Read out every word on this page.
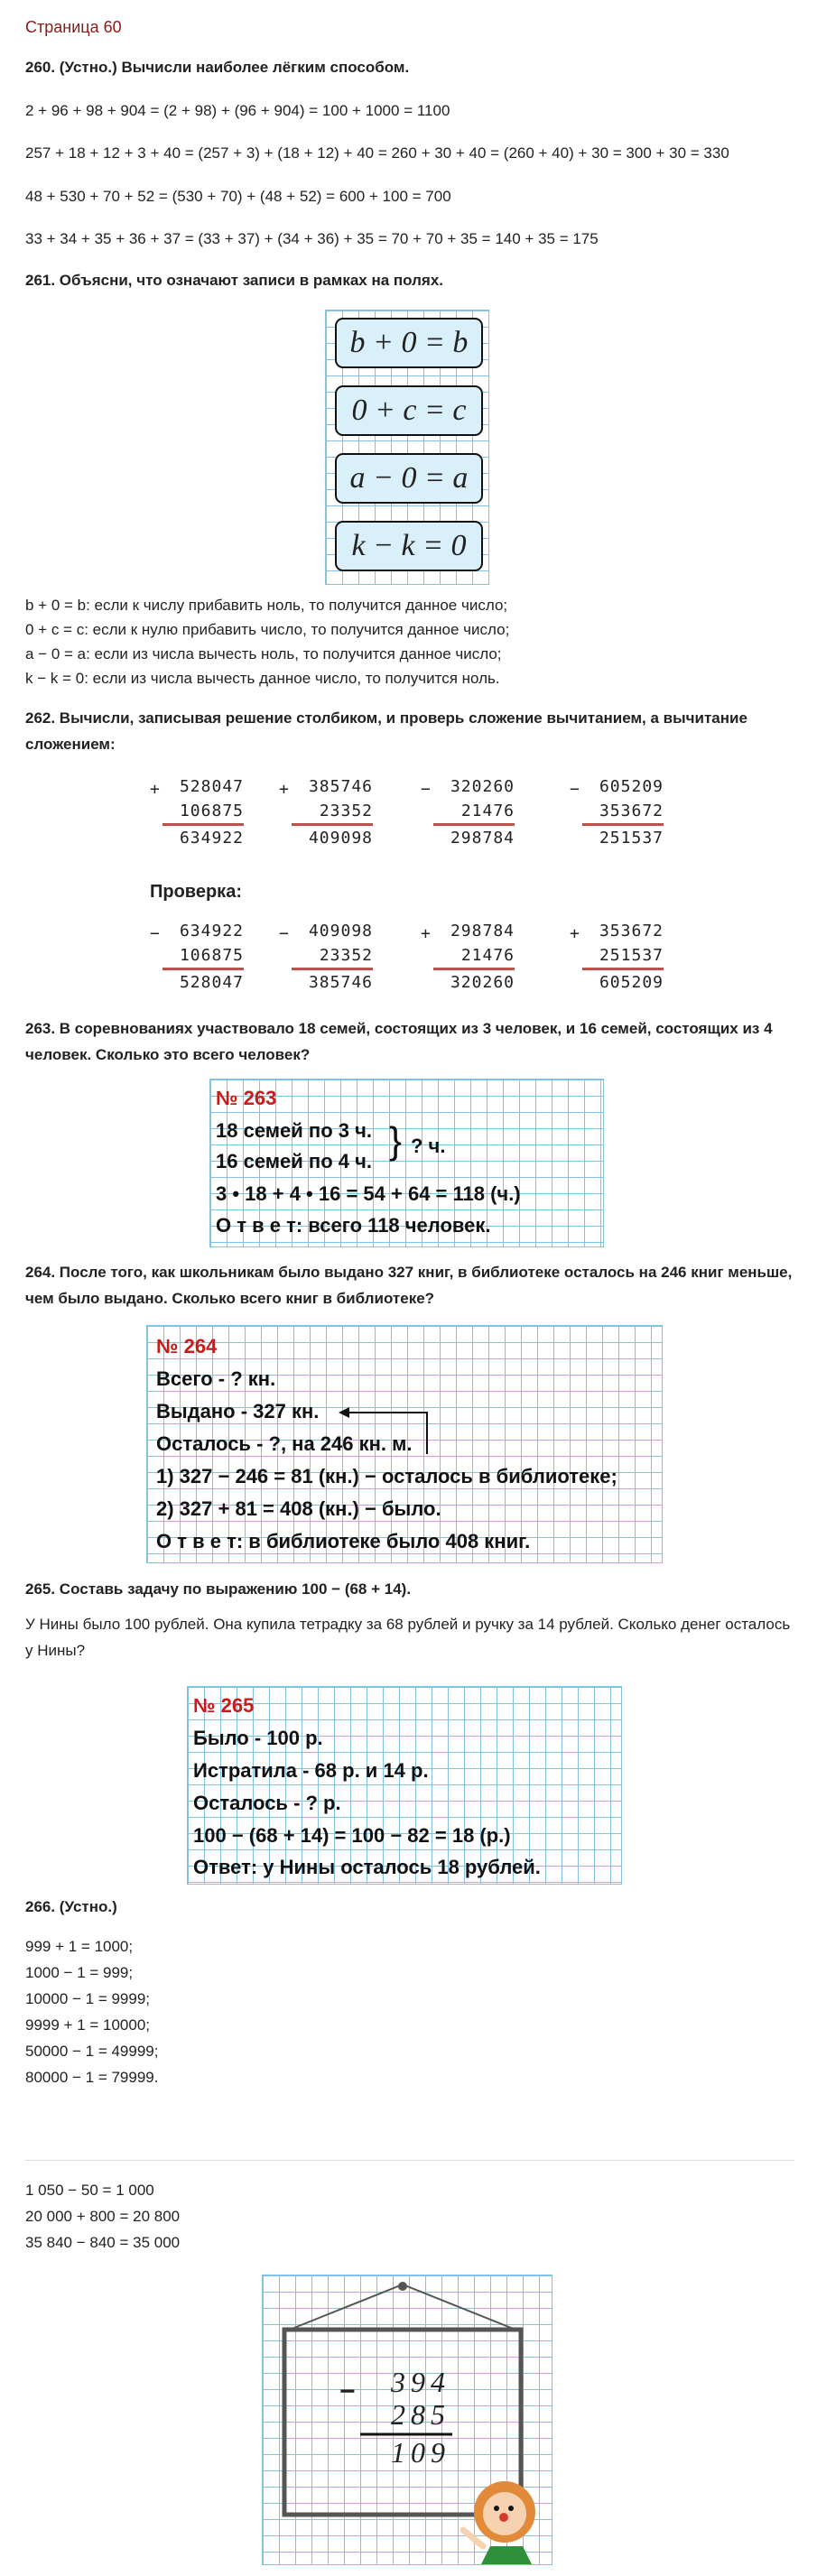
Страница 60
260. (Устно.) Вычисли наиболее лёгким способом.
2 + 96 + 98 + 904 = (2 + 98) + (96 + 904) = 100 + 1000 = 1100
257 + 18 + 12 + 3 + 40 = (257 + 3) + (18 + 12) + 40 = 260 + 30 + 40 = (260 + 40) + 30 = 300 + 30 = 330
48 + 530 + 70 + 52 = (530 + 70) + (48 + 52) = 600 + 100 = 700
33 + 34 + 35 + 36 + 37 = (33 + 37) + (34 + 36) + 35 = 70 + 70 + 35 = 140 + 35 = 175
261. Объясни, что означают записи в рамках на полях.
b + 0 = b
0 + c = c
a − 0 = a
k − k = 0
b + 0 = b: если к числу прибавить ноль, то получится данное число;
0 + c = c: если к нулю прибавить число, то получится данное число;
a − 0 = a: если из числа вычесть ноль, то получится данное число;
k − k = 0: если из числа вычесть данное число, то получится ноль.
262. Вычисли, записывая решение столбиком, и проверь сложение вычитанием, а вычитание сложением:
+	528047
106875
634922
+	385746
23352
409098
−	320260
21476
298784
−	605209
353672
251537
Проверка:
−	634922
106875
528047
−	409098
23352
385746
+	298784
21476
320260
+	353672
251537
605209
263. В соревнованиях участвовало 18 семей, состоящих из 3 человек, и 16 семей, состоящих из 4 человек. Сколько это всего человек?
№ 263
18 семей по 3 ч.
16 семей по 4 ч. } ? ч.
3 • 18 + 4 • 16 = 54 + 64 = 118 (ч.)
О т в е т: всего 118 человек.
264. После того, как школьникам было выдано 327 книг, в библиотеке осталось на 246 книг меньше, чем было выдано. Сколько всего книг в библиотеке?
№ 264
Всего - ? кн.
Выдано - 327 кн.
Осталось - ?, на 246 кн. м.
1) 327 − 246 = 81 (кн.) − осталось в библиотеке;
2) 327 + 81 = 408 (кн.) − было.
О т в е т: в библиотеке было 408 книг.
265. Составь задачу по выражению 100 − (68 + 14).
У Нины было 100 рублей. Она купила тетрадку за 68 рублей и ручку за 14 рублей. Сколько денег осталось у Нины?
№ 265
Было - 100 р.
Истратила - 68 р. и 14 р.
Осталось - ? р.
100 − (68 + 14) = 100 − 82 = 18 (р.)
Ответ: у Нины осталось 18 рублей.
266. (Устно.)
999 + 1 = 1000;
1000 − 1 = 999;
10000 − 1 = 9999;
9999 + 1 = 10000;
50000 − 1 = 49999;
80000 − 1 = 79999.
1 050 − 50 = 1 000
20 000 + 800 = 20 800
35 840 − 840 = 35 000
−	394
285
109
